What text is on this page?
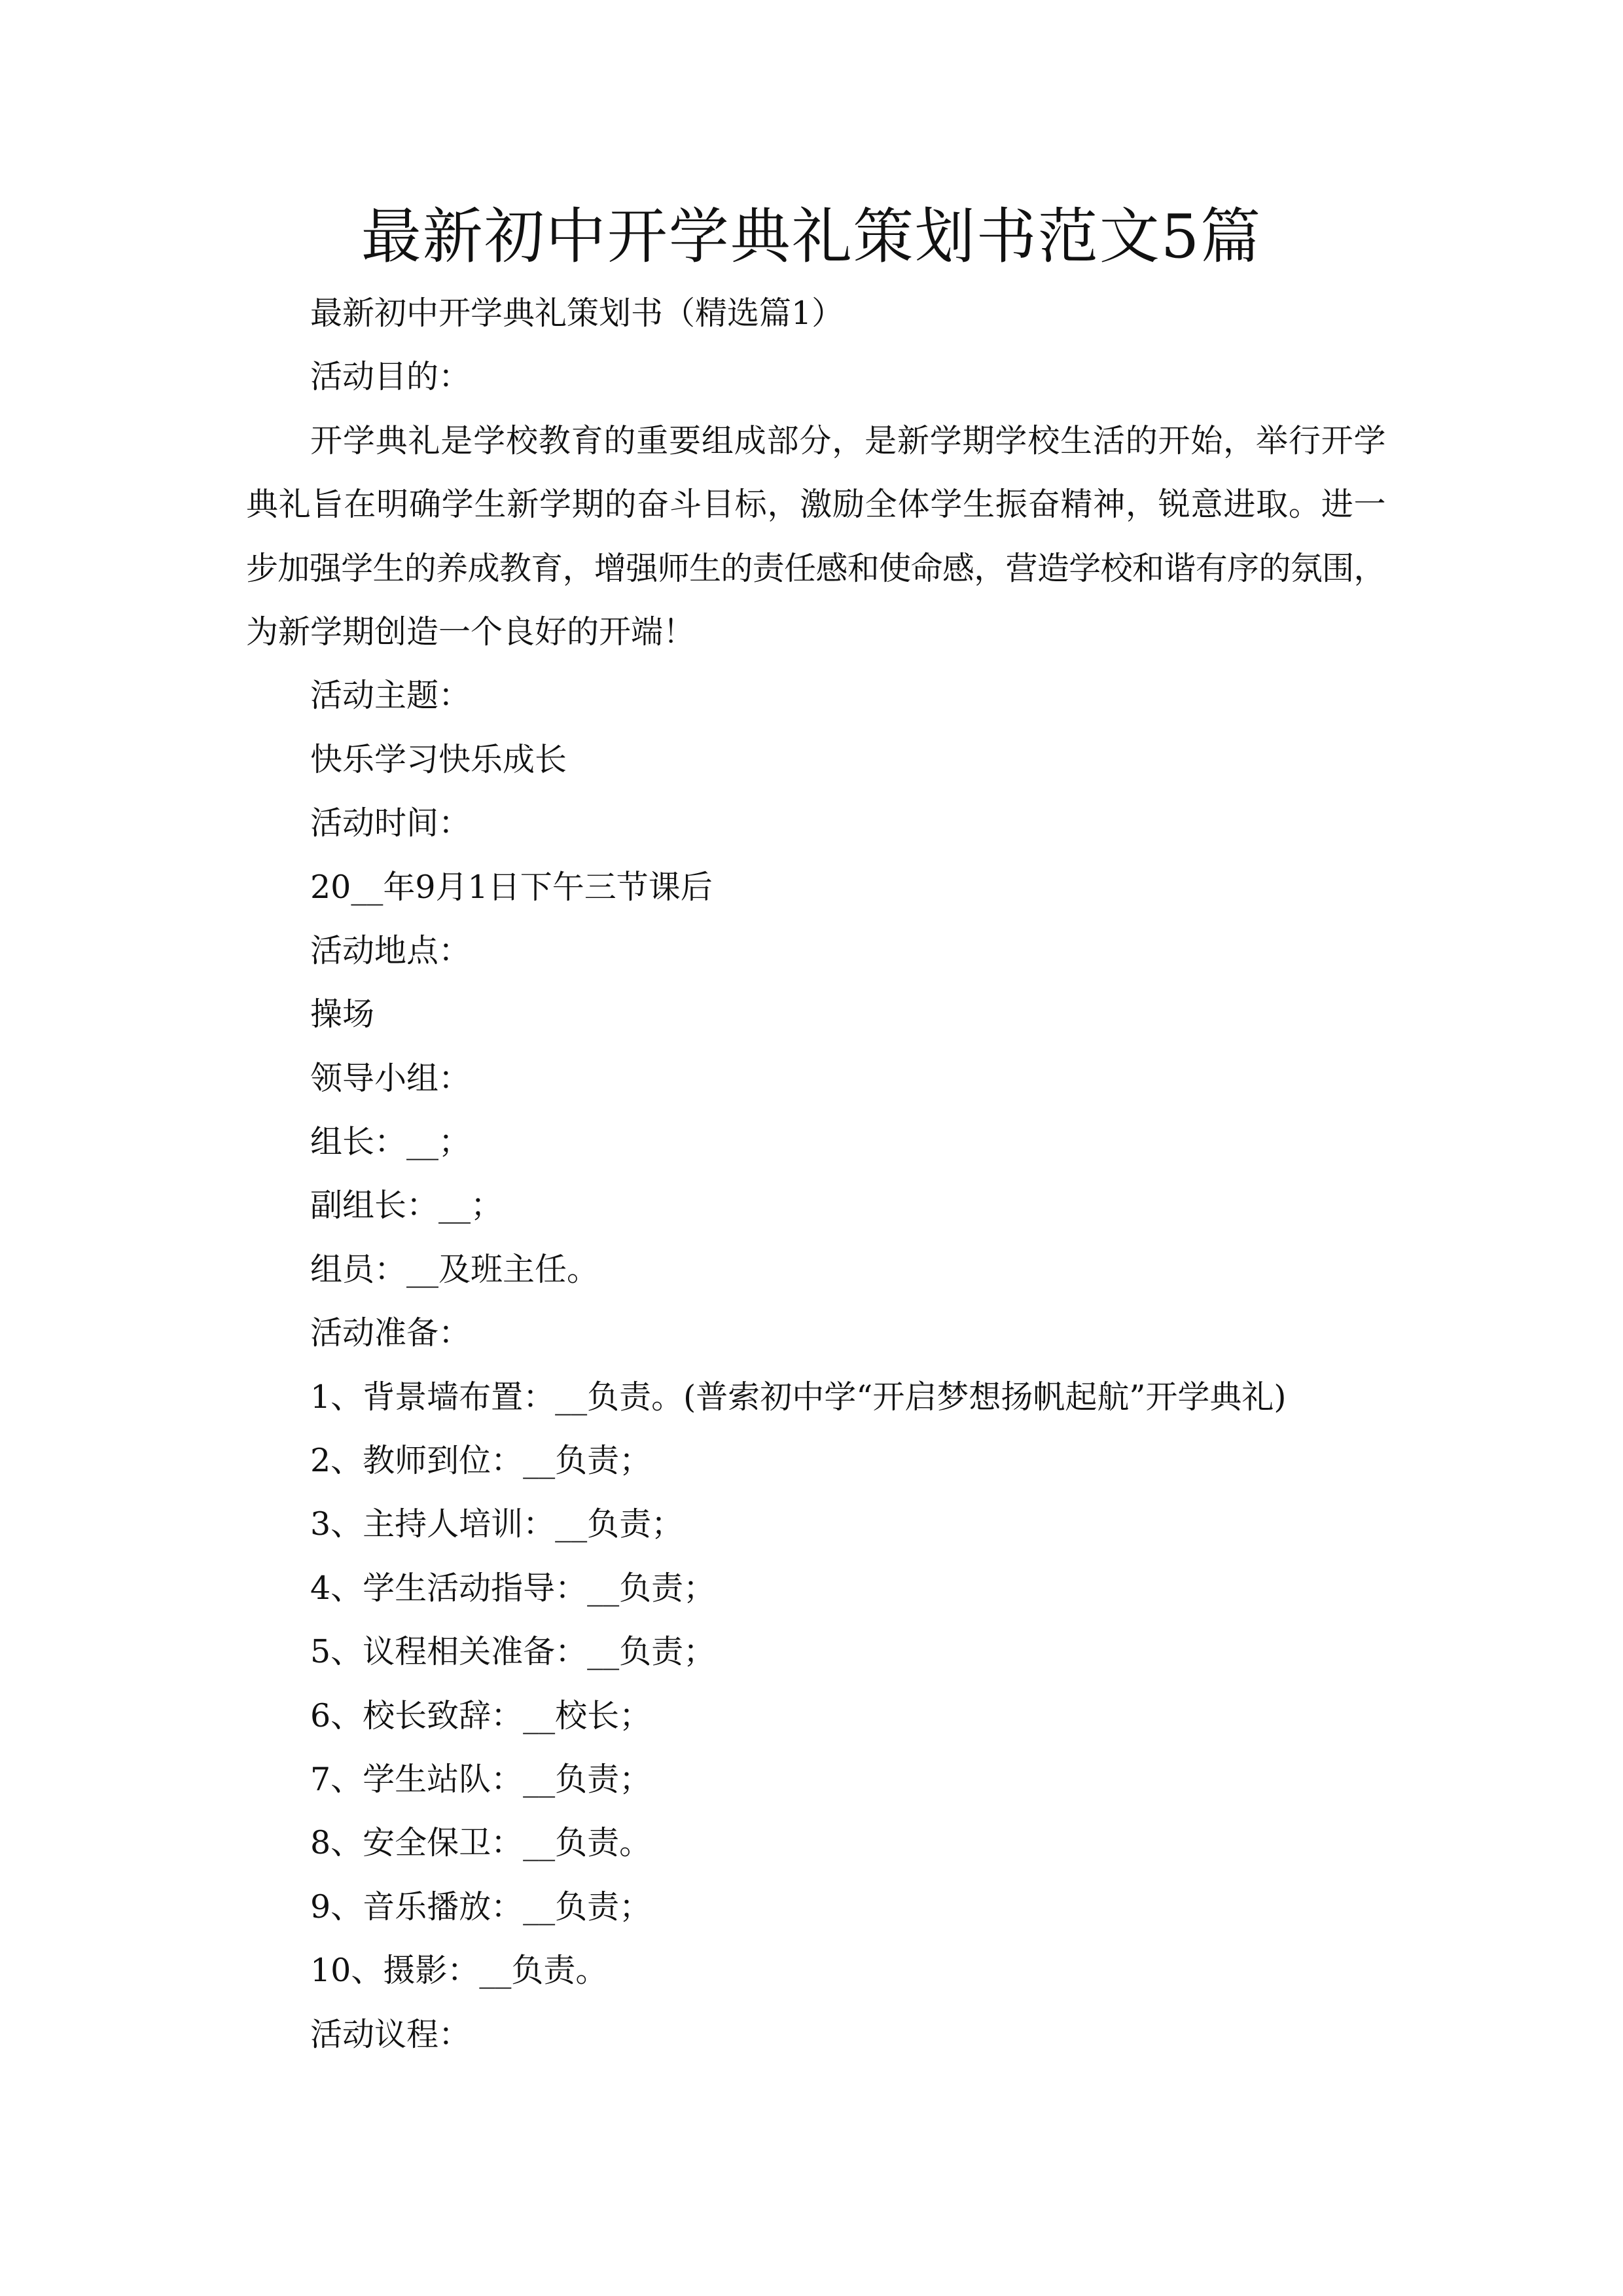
最新初中开学典礼策划书范文5篇
最新初中开学典礼策划书（精选篇1）
活动目的：
开学典礼是学校教育的重要组成部分，是新学期学校生活的开始，举行开学
典礼旨在明确学生新学期的奋斗目标，激励全体学生振奋精神，锐意进取。进一
步加强学生的养成教育，增强师生的责任感和使命感，营造学校和谐有序的氛围，
为新学期创造一个良好的开端！
活动主题：
快乐学习快乐成长
活动时间：
20__年9月1日下午三节课后
活动地点：
操场
领导小组：
组长：__；
副组长：__；
组员：__及班主任。
活动准备：
1、背景墙布置：__负责。(普索初中学“开启梦想扬帆起航”开学典礼)
2、教师到位：__负责；
3、主持人培训：__负责；
4、学生活动指导：__负责；
5、议程相关准备：__负责；
6、校长致辞：__校长；
7、学生站队：__负责；
8、安全保卫：__负责。
9、音乐播放：__负责；
10、摄影：__负责。
活动议程：
